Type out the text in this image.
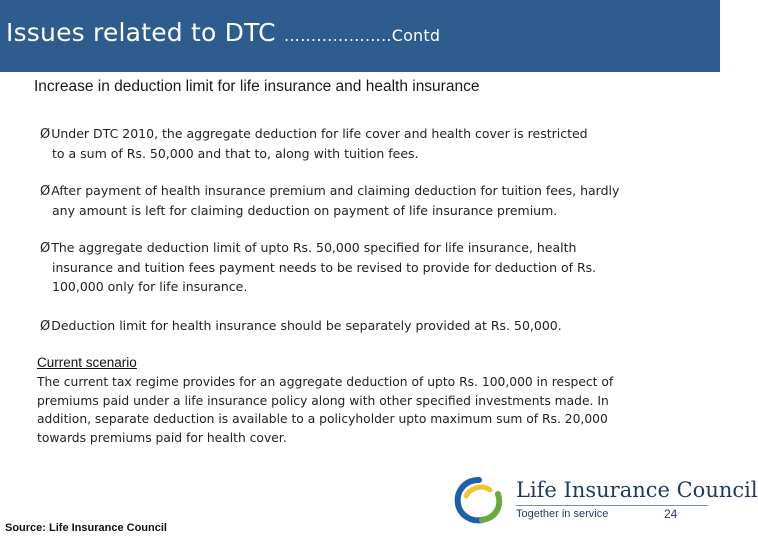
Issues related to DTC ………………..Contd
Increase in deduction limit for life insurance and health insurance
ØUnder DTC 2010, the aggregate deduction for life cover and health cover is restricted
to a sum of Rs. 50,000 and that to, along with tuition fees.
ØAfter payment of health insurance premium and claiming deduction for tuition fees, hardly
any amount is left for claiming deduction on payment of life insurance premium.
ØThe aggregate deduction limit of upto Rs. 50,000 specified for life insurance, health
insurance and tuition fees payment needs to be revised to provide for deduction of Rs.
100,000 only for life insurance.
ØDeduction limit for health insurance should be separately provided at Rs. 50,000.
Current scenario
The current tax regime provides for an aggregate deduction of upto Rs. 100,000 in respect of
premiums paid under a life insurance policy along with other specified investments made. In
addition, separate deduction is available to a policyholder upto maximum sum of Rs. 20,000
towards premiums paid for health cover.
Life Insurance Council
Together in service	24
Source: Life Insurance Council
